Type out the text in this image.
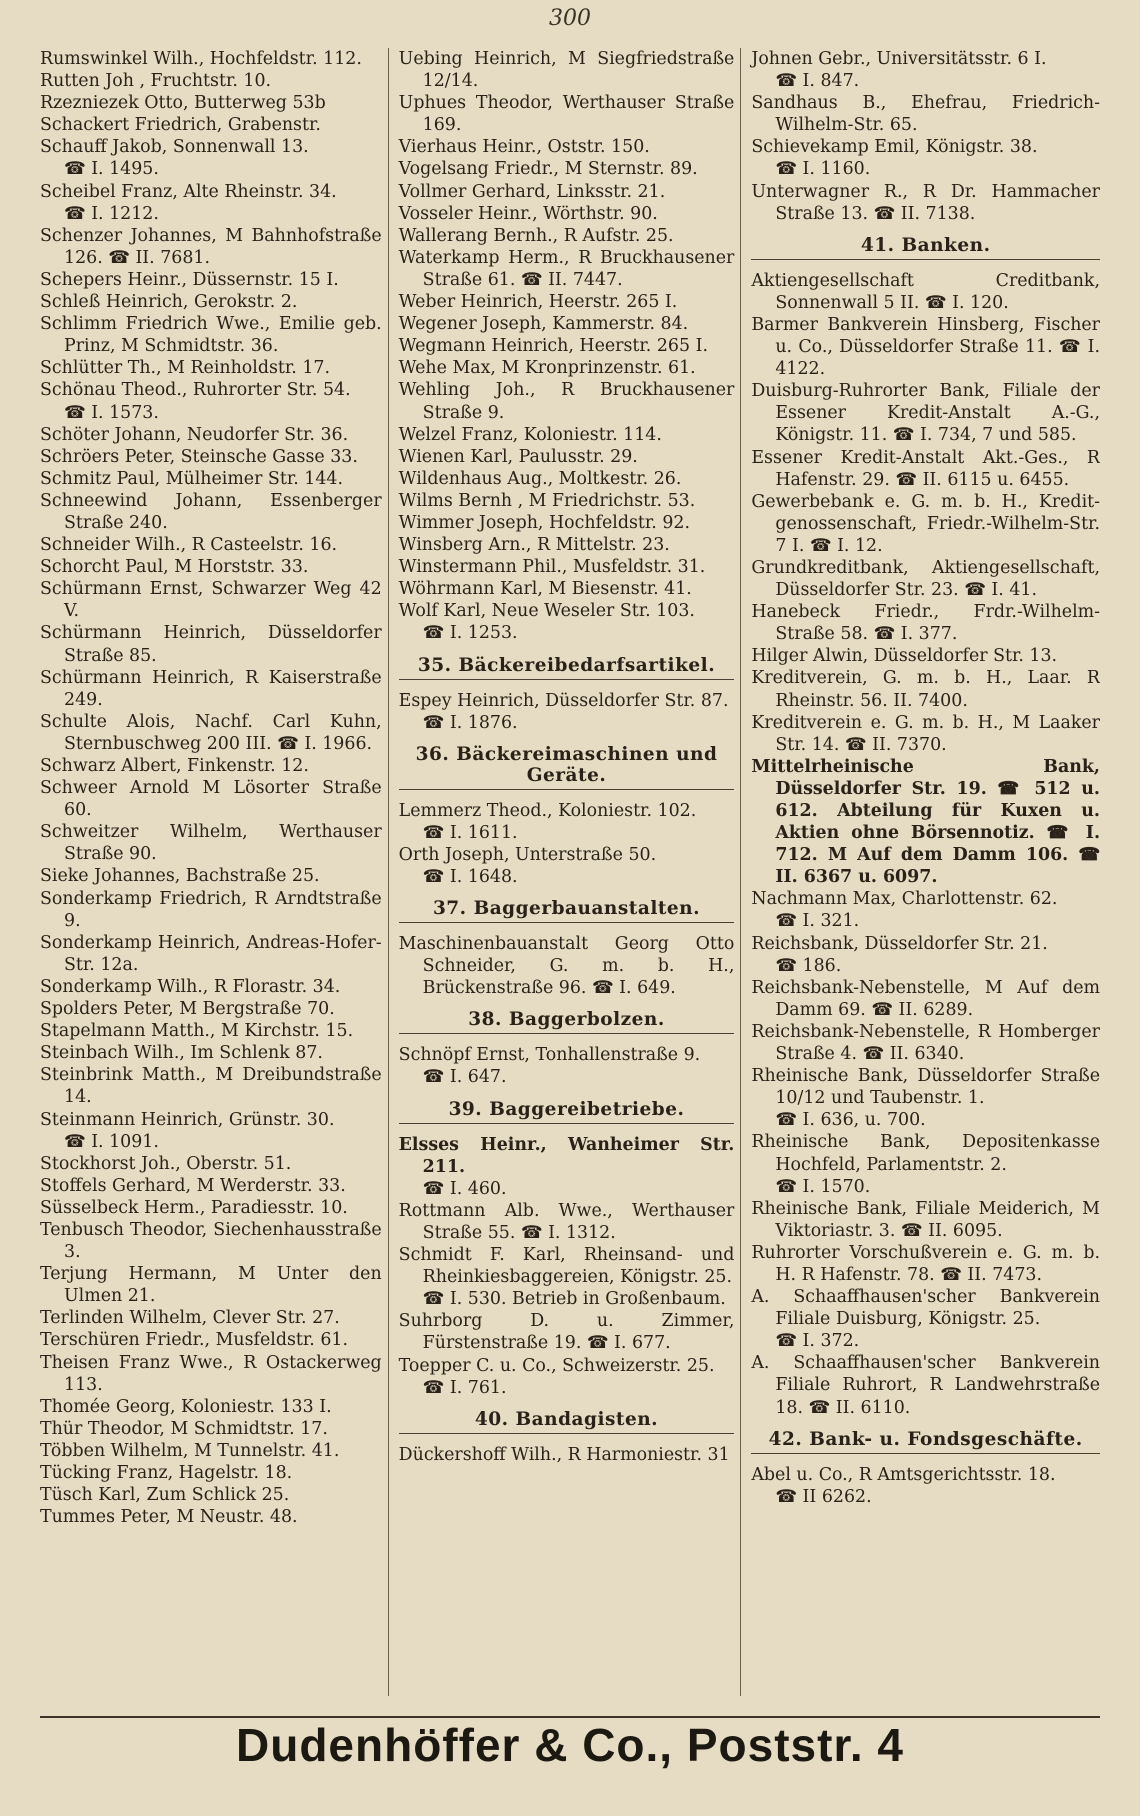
300
Rumswinkel Wilh., Hochfeldstr. 112.
Rutten Joh , Fruchtstr. 10.
Rzezniezek Otto, Butterweg 53b
Schackert Friedrich, Grabenstr.
Schauff Jakob, Sonnenwall 13.
☎ I. 1495.
Scheibel Franz, Alte Rheinstr. 34.
☎ I. 1212.
Schenzer Johannes, M Bahnhofstraße 126. ☎ II. 7681.
Schepers Heinr., Düssernstr. 15 I.
Schleß Heinrich, Gerokstr. 2.
Schlimm Friedrich Wwe., Emilie geb. Prinz, M Schmidtstr. 36.
Schlütter Th., M Reinholdstr. 17.
Schönau Theod., Ruhrorter Str. 54.
☎ I. 1573.
Schöter Johann, Neudorfer Str. 36.
Schröers Peter, Steinsche Gasse 33.
Schmitz Paul, Mülheimer Str. 144.
Schneewind Johann, Essenberger Straße 240.
Schneider Wilh., R Casteelstr. 16.
Schorcht Paul, M Horststr. 33.
Schürmann Ernst, Schwarzer Weg 42 V.
Schürmann Heinrich, Düsseldorfer Straße 85.
Schürmann Heinrich, R Kaiserstraße 249.
Schulte Alois, Nachf. Carl Kuhn, Sternbuschweg 200 III. ☎ I. 1966.
Schwarz Albert, Finkenstr. 12.
Schweer Arnold M Lösorter Straße 60.
Schweitzer Wilhelm, Werthauser Straße 90.
Sieke Johannes, Bachstraße 25.
Sonderkamp Friedrich, R Arndtstraße 9.
Sonderkamp Heinrich, Andreas-Hofer-Str. 12a.
Sonderkamp Wilh., R Florastr. 34.
Spolders Peter, M Bergstraße 70.
Stapelmann Matth., M Kirchstr. 15.
Steinbach Wilh., Im Schlenk 87.
Steinbrink Matth., M Dreibundstraße 14.
Steinmann Heinrich, Grünstr. 30.
☎ I. 1091.
Stockhorst Joh., Oberstr. 51.
Stoffels Gerhard, M Werderstr. 33.
Süsselbeck Herm., Paradiesstr. 10.
Tenbusch Theodor, Siechenhausstraße 3.
Terjung Hermann, M Unter den Ulmen 21.
Terlinden Wilhelm, Clever Str. 27.
Terschüren Friedr., Musfeldstr. 61.
Theisen Franz Wwe., R Ostackerweg 113.
Thomée Georg, Koloniestr. 133 I.
Thür Theodor, M Schmidtstr. 17.
Többen Wilhelm, M Tunnelstr. 41.
Tücking Franz, Hagelstr. 18.
Tüsch Karl, Zum Schlick 25.
Tummes Peter, M Neustr. 48.
Uebing Heinrich, M Siegfriedstraße 12/14.
Uphues Theodor, Werthauser Straße 169.
Vierhaus Heinr., Oststr. 150.
Vogelsang Friedr., M Sternstr. 89.
Vollmer Gerhard, Linksstr. 21.
Vosseler Heinr., Wörthstr. 90.
Wallerang Bernh., R Aufstr. 25.
Waterkamp Herm., R Bruckhausener Straße 61. ☎ II. 7447.
Weber Heinrich, Heerstr. 265 I.
Wegener Joseph, Kammerstr. 84.
Wegmann Heinrich, Heerstr. 265 I.
Wehe Max, M Kronprinzenstr. 61.
Wehling Joh., R Bruckhausener Straße 9.
Welzel Franz, Koloniestr. 114.
Wienen Karl, Paulusstr. 29.
Wildenhaus Aug., Moltkestr. 26.
Wilms Bernh , M Friedrichstr. 53.
Wimmer Joseph, Hochfeldstr. 92.
Winsberg Arn., R Mittelstr. 23.
Winstermann Phil., Musfeldstr. 31.
Wöhrmann Karl, M Biesenstr. 41.
Wolf Karl, Neue Weseler Str. 103.
☎ I. 1253.
35. Bäckereibedarfsartikel.
Espey Heinrich, Düsseldorfer Str. 87.
☎ I. 1876.
36. Bäckereimaschinen und Geräte.
Lemmerz Theod., Koloniestr. 102.
☎ I. 1611.
Orth Joseph, Unterstraße 50.
☎ I. 1648.
37. Baggerbauanstalten.
Maschinenbauanstalt Georg Otto Schneider, G. m. b. H., Brückenstraße 96. ☎ I. 649.
38. Baggerbolzen.
Schnöpf Ernst, Tonhallenstraße 9.
☎ I. 647.
39. Baggereibetriebe.
Elsses Heinr., Wanheimer Str. 211.
☎ I. 460.
Rottmann Alb. Wwe., Werthauser Straße 55. ☎ I. 1312.
Schmidt F. Karl, Rheinsand- und Rheinkiesbaggereien, Königstr. 25.
☎ I. 530. Betrieb in Großenbaum.
Suhrborg D. u. Zimmer, Fürstenstraße 19. ☎ I. 677.
Toepper C. u. Co., Schweizerstr. 25.
☎ I. 761.
40. Bandagisten.
Dückershoff Wilh., R Harmoniestr. 31
Johnen Gebr., Universitätsstr. 6 I.
☎ I. 847.
Sandhaus B., Ehefrau, Friedrich-Wilhelm-Str. 65.
Schievekamp Emil, Königstr. 38.
☎ I. 1160.
Unterwagner R., R Dr. Hammacher Straße 13. ☎ II. 7138.
41. Banken.
Aktiengesellschaft Creditbank, Sonnenwall 5 II. ☎ I. 120.
Barmer Bankverein Hinsberg, Fischer u. Co., Düsseldorfer Straße 11. ☎ I. 4122.
Duisburg-Ruhrorter Bank, Filiale der Essener Kredit-Anstalt A.-G., Königstr. 11. ☎ I. 734, 7 und 585.
Essener Kredit-Anstalt Akt.-Ges., R Hafenstr. 29. ☎ II. 6115 u. 6455.
Gewerbebank e. G. m. b. H., Kredit-genossenschaft, Friedr.-Wilhelm-Str. 7 I. ☎ I. 12.
Grundkreditbank, Aktiengesellschaft, Düsseldorfer Str. 23. ☎ I. 41.
Hanebeck Friedr., Frdr.-Wilhelm-Straße 58. ☎ I. 377.
Hilger Alwin, Düsseldorfer Str. 13.
Kreditverein, G. m. b. H., Laar. R Rheinstr. 56. II. 7400.
Kreditverein e. G. m. b. H., M Laaker Str. 14. ☎ II. 7370.
Mittelrheinische Bank, Düsseldorfer Str. 19. ☎ 512 u. 612. Abteilung für Kuxen u. Aktien ohne Börsennotiz. ☎ I. 712. M Auf dem Damm 106. ☎ II. 6367 u. 6097.
Nachmann Max, Charlottenstr. 62.
☎ I. 321.
Reichsbank, Düsseldorfer Str. 21.
☎ 186.
Reichsbank-Nebenstelle, M Auf dem Damm 69. ☎ II. 6289.
Reichsbank-Nebenstelle, R Homberger Straße 4. ☎ II. 6340.
Rheinische Bank, Düsseldorfer Straße 10/12 und Taubenstr. 1.
☎ I. 636, u. 700.
Rheinische Bank, Depositenkasse Hochfeld, Parlamentstr. 2.
☎ I. 1570.
Rheinische Bank, Filiale Meiderich, M Viktoriastr. 3. ☎ II. 6095.
Ruhrorter Vorschußverein e. G. m. b. H. R Hafenstr. 78. ☎ II. 7473.
A. Schaaffhausen'scher Bankverein Filiale Duisburg, Königstr. 25.
☎ I. 372.
A. Schaaffhausen'scher Bankverein Filiale Ruhrort, R Landwehrstraße 18. ☎ II. 6110.
42. Bank- u. Fondsgeschäfte.
Abel u. Co., R Amtsgerichtsstr. 18.
☎ II 6262.
Dudenhöffer & Co., Poststr. 4
